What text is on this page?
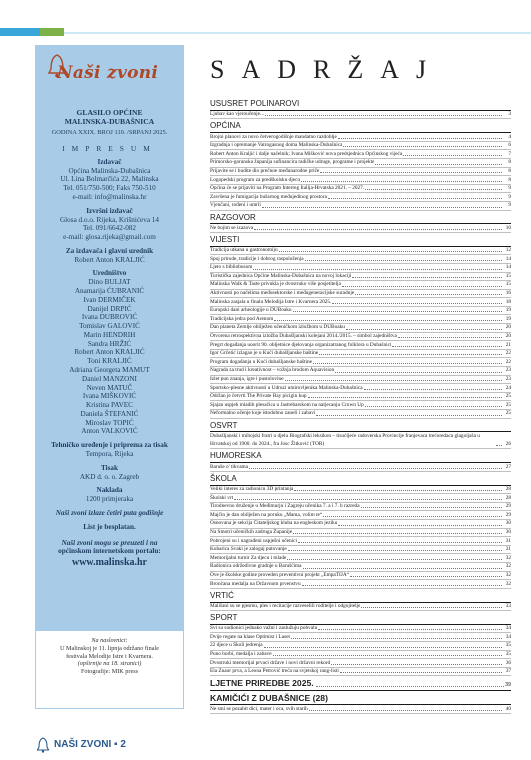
Naši zvoni
GLASILO OPĆINE
MALINSKA-DUBAŠNICA
GODINA XXIX. BROJ 110. /SRPANJ 2025.
IMPRESUM
Izdavač
Općina Malinska-Dubašnica
Ul. Lina Bolmarčića 22, Malinska
Tel. 051/750-500; Faks 750-510
e-mail: info@malinska.hr
Izvršni izdavač
Glosa d.o.o. Rijeka, Krišnićeva 14
Tel. 091/6642-082
e-mail: glosa.rijeka@gmail.com
Za izdavača i glavni urednik
Robert Anton KRALJIĆ
Uredništvo
Dino BULJAT
Anamarija ĆUBRANIĆ
Ivan DERMIČEK
Danijel DRPIĆ
Ivana DUBROVIĆ
Tomislav GALOVIĆ
Marin HENDRIH
Sandra HRŽIĆ
Robert Anton KRALJIĆ
Toni KRALJIĆ
Adriana Georgeta MAMUT
Daniel MANZONI
Neven MATUČ
Ivana MIŠKOVIĆ
Kristina PAVEC
Daniela ŠTEFANIĆ
Miroslav TOPIĆ
Anton VALKOVIĆ
Tehničko uređenje i priprema za tisak
Tempora, Rijeka
Tisak
AKD d. o. o. Zagreb
Naklada
1200 primjeraka
Naši zvoni izlaze četiri puta godišnje
List je besplatan.
Naši zvoni mogu se preuzeti i na
općinskom internetskom portalu:
www.malinska.hr
Na naslovnici:
U Malinskoj je 11. lipnja održano finale
festivala Melodije Istre i Kvarnera.
(opširnije na 18. stranici)
Fotografije: MIK press
NAŠI ZVONI ▪ 2
SADRŽAJ
USUSRET POLINAROVI
Ljubav kao vjeroučenje...	3
OPĆINA
Brojni planovi za novo četverogodišnje mandatno razdoblje	4
Izgradnja i opremanje Vatrogasnog doma Malinska-Dubašnica	6
Robert Anton Kraljić i dalje načelnik; Ivana Mišković nova predsjednica Općinskog vijeća	7
Primorsko-goranska županija sufinancira radičke udruge, programe i projekte	8
Prijavite se i budite dio prečnoe međunarodne priče	8
Logopedski program za predškolsku djecu	8
Općina će se prijaviti na Program Interreg Italija-Hrvatska 2021. – 2027.	9
Završena je fumigacija bušarnog međujedinog prostora	9
Vjenčani, rođeni i umrli	9
RAZGOVOR
Ne bojim se izazova	10
VIJESTI
Tradicija utkana u gastronomiju	12
Spoj prirode, tradicije i dobrog raspoloženja	14
Ljeto s bibliobusom	14
Turistička zajednica Općine Malinska-Dubašnica na novoj lokaciji	15
Malinska Walk & Taste privukla je dvostruko više posjetitelja	15
Aktivnosti po načelima međusektorske i međugeneracijske suradnje	16
Malinska zasjala u finalu Melodija Istre i Kvarnera 2025.	18
Europski dani arheologije u DUBoaku	19
Tradicijska jedra pod Arenom	19
Dan planeta Zemlje obilježen učeničkom izložbom u DUBoaku	20
Otvorena retrospektivna izložba Dubašljanski kolejani 2014./2015. – simbol zajedništva	20
Pregrt događanja uoorit 90. obljetnice djelovanja organizatranog folklora u Dubašnici	21
Igor Grčetić izlagao je u Kući dubašljanske baštine	22
Program događanja u Kući dubašljanske baštine	22
Nagrada za trud i kreativnost – vožnja brodom Aquavision	23
Izlet pun znanja, igre i pustolovine	23
Sportsko-plesne aktivnosti u Udruzi umirovljenika Malinska-Dubašnica	24
Održan je četvrti The Private Bay picigin kup	25
Sjajan uspjeh mladih plesačica u Jastrebarskom na natjecanju Crown Up	25
Neformalno učenje koje istodobno zaneli i zabavi	25
OSVRT
Dubašljanski i mihojski fratri u djelu Biografski leksikon – tisućljeće radoverska Provincije franjevaca trećoredaca glagoljaša u Hrvatskoj od 1900. do 2024., fra Josc Žitković (TOR)	26
HUMORESKA
Baruše o' tikvama	27
ŠKOLA
Veliki interes za radionicu 3D printanja	28
Školski vrt	28
Tirodnevno druženje u Međimurju i Zagreju učenika 7. a i 7. b razreda	29
Majčin je dan obilježen na poruku „Mama, volim te“	29
Osnovana je sekcija Čitateljskog kluba na engleskom jeziku	30
Na Smotri učeničkih zadruga Županije	30
Pobrojeni su i nagrađeni uspješni učenici	31
Kuharica Svaki je zalogaj putovanje	31
Memorijalni turnir Za djecu i mlade	32
Radionica održedivne gradnje u Barušćima	32
Ove je školske godine proveden preventivni projekt „EmpaTIJA“	32
Brončana medalja na Državnom prvenstvu	32
VRTIĆ
Mališani su se pjesmu, ples i recitacije razveselili roditelje i odgojitelje	33
SPORT
Svi su sudionici jednako važni i zaslužuju pohvalu	34
Dvije regate na klase Optimist i Laser	34
22 djece u Školi jedrenja	35
Puno borbi, medalja i zabave	35
Dvostruki memorijal prvaci države i novi državni rekord	36
Ela Znaor prva, a Leona Petrović treća na svjetskoj rang-listi	37
LJETNE PRIREDBE 2025.	39
KAMIČIĆI Z DUBAŠNICE (28)
Ne smi se pozabit dici, mater i oca, svih starih	40
